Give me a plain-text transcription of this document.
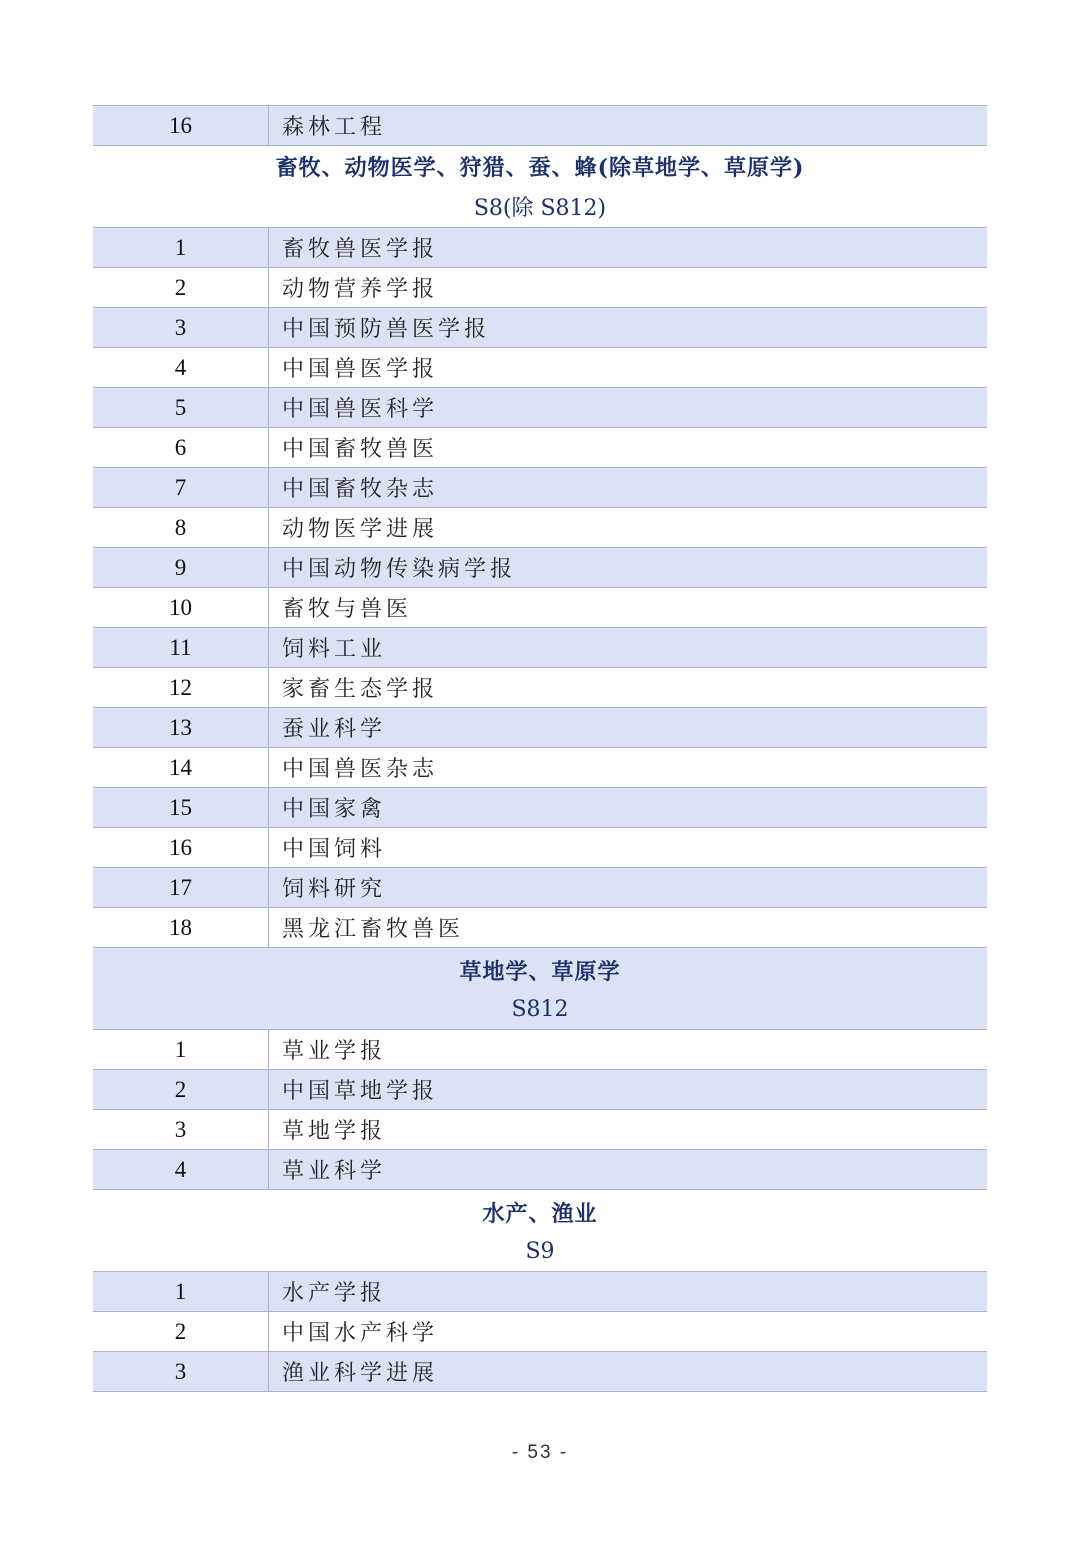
16	森林工程
畜牧、动物医学、狩猎、蚕、蜂(除草地学、草原学)
S8(除 S812)
1	畜牧兽医学报
2	动物营养学报
3	中国预防兽医学报
4	中国兽医学报
5	中国兽医科学
6	中国畜牧兽医
7	中国畜牧杂志
8	动物医学进展
9	中国动物传染病学报
10	畜牧与兽医
11	饲料工业
12	家畜生态学报
13	蚕业科学
14	中国兽医杂志
15	中国家禽
16	中国饲料
17	饲料研究
18	黑龙江畜牧兽医
草地学、草原学
S812
1	草业学报
2	中国草地学报
3	草地学报
4	草业科学
水产、渔业
S9
1	水产学报
2	中国水产科学
3	渔业科学进展
- 53 -
